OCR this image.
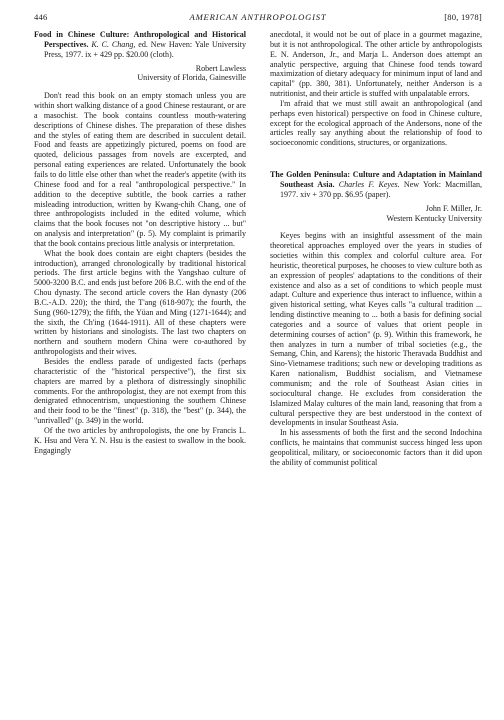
446	AMERICAN ANTHROPOLOGIST	[80, 1978]

Food in Chinese Culture: Anthropological and Historical Perspectives. K. C. Chang, ed. New Haven: Yale University Press, 1977. ix + 429 pp. $20.00 (cloth).

Robert Lawless

University of Florida, Gainesville

Don't read this book on an empty stomach unless you are within short walking distance of a good Chinese restaurant, or are a masochist. The book contains countless mouth-watering descriptions of Chinese dishes. The preparation of these dishes and the styles of eating them are described in succulent detail. Food and feasts are appetizingly pictured, poems on food are quoted, delicious passages from novels are excerpted, and personal eating experiences are related. Unfortunately the book fails to do little else other than whet the reader's appetite (with its Chinese food and for a real "anthropological perspective." In addition to the deceptive subtitle, the book carries a rather misleading introduction, written by Kwang-chih Chang, one of three anthropologists included in the edited volume, which claims that the book focuses not "on descriptive history ... but" on analysis and interpretation" (p. 5). My complaint is primarily that the book contains precious little analysis or interpretation.

What the book does contain are eight chapters (besides the introduction), arranged chronologically by traditional historical periods. The first article begins with the Yangshao culture of 5000-3200 B.C. and ends just before 206 B.C. with the end of the Chou dynasty. The second article covers the Han dynasty (206 B.C.-A.D. 220); the third, the T'ang (618-907); the fourth, the Sung (960-1279); the fifth, the Yüan and Ming (1271-1644); and the sixth, the Ch'ing (1644-1911). All of these chapters were written by historians and sinologists. The last two chapters on northern and southern modern China were co-authored by anthropologists and their wives.

Besides the endless parade of undigested facts (perhaps characteristic of the "historical perspective"), the first six chapters are marred by a plethora of distressingly sinophilic comments. For the anthropologist, they are not exempt from this denigrated ethnocentrism, unquestioning the southern Chinese and their food to be the "finest" (p. 318), the "best" (p. 344), the "unrivalled" (p. 349) in the world.

Of the two articles by anthropologists, the one by Francis L. K. Hsu and Vera Y. N. Hsu is the easiest to swallow in the book. Engagingly

anecdotal, it would not be out of place in a gourmet magazine, but it is not anthropological. The other article by anthropologists E. N. Anderson, Jr., and Marja L. Anderson does attempt an analytic perspective, arguing that Chinese food tends toward maximization of dietary adequacy for minimum input of land and capital" (pp. 380, 381). Unfortunately, neither Anderson is a nutritionist, and their article is stuffed with unpalatable errors.

I'm afraid that we must still await an anthropological (and perhaps even historical) perspective on food in Chinese culture, except for the ecological approach of the Andersons, none of the articles really say anything about the relationship of food to socioeconomic conditions, structures, or organizations.

The Golden Peninsula: Culture and Adaptation in Mainland Southeast Asia. Charles F. Keyes. New York: Macmillan, 1977. xiv + 370 pp. $6.95 (paper).

John F. Miller, Jr.

Western Kentucky University

Keyes begins with an insightful assessment of the main theoretical approaches employed over the years in studies of societies within this complex and colorful culture area. For heuristic, theoretical purposes, he chooses to view culture both as an expression of peoples' adaptations to the conditions of their existence and also as a set of conditions to which people must adapt. Culture and experience thus interact to influence, within a given historical setting, what Keyes calls "a cultural tradition ... lending distinctive meaning to ... both a basis for defining social categories and a source of values that orient people in determining courses of action" (p. 9). Within this framework, he then analyzes in turn a number of tribal societies (e.g., the Semang, Chin, and Karens); the historic Theravada Buddhist and Sino-Vietnamese traditions; such new or developing traditions as Karen nationalism, Buddhist socialism, and Vietnamese communism; and the role of Southeast Asian cities in sociocultural change. He excludes from consideration the Islamized Malay cultures of the main land, reasoning that from a cultural perspective they are best understood in the context of developments in insular Southeast Asia.

In his assessments of both the first and the second Indochina conflicts, he maintains that communist success hinged less upon geopolitical, military, or socioeconomic factors than it did upon the ability of communist political
